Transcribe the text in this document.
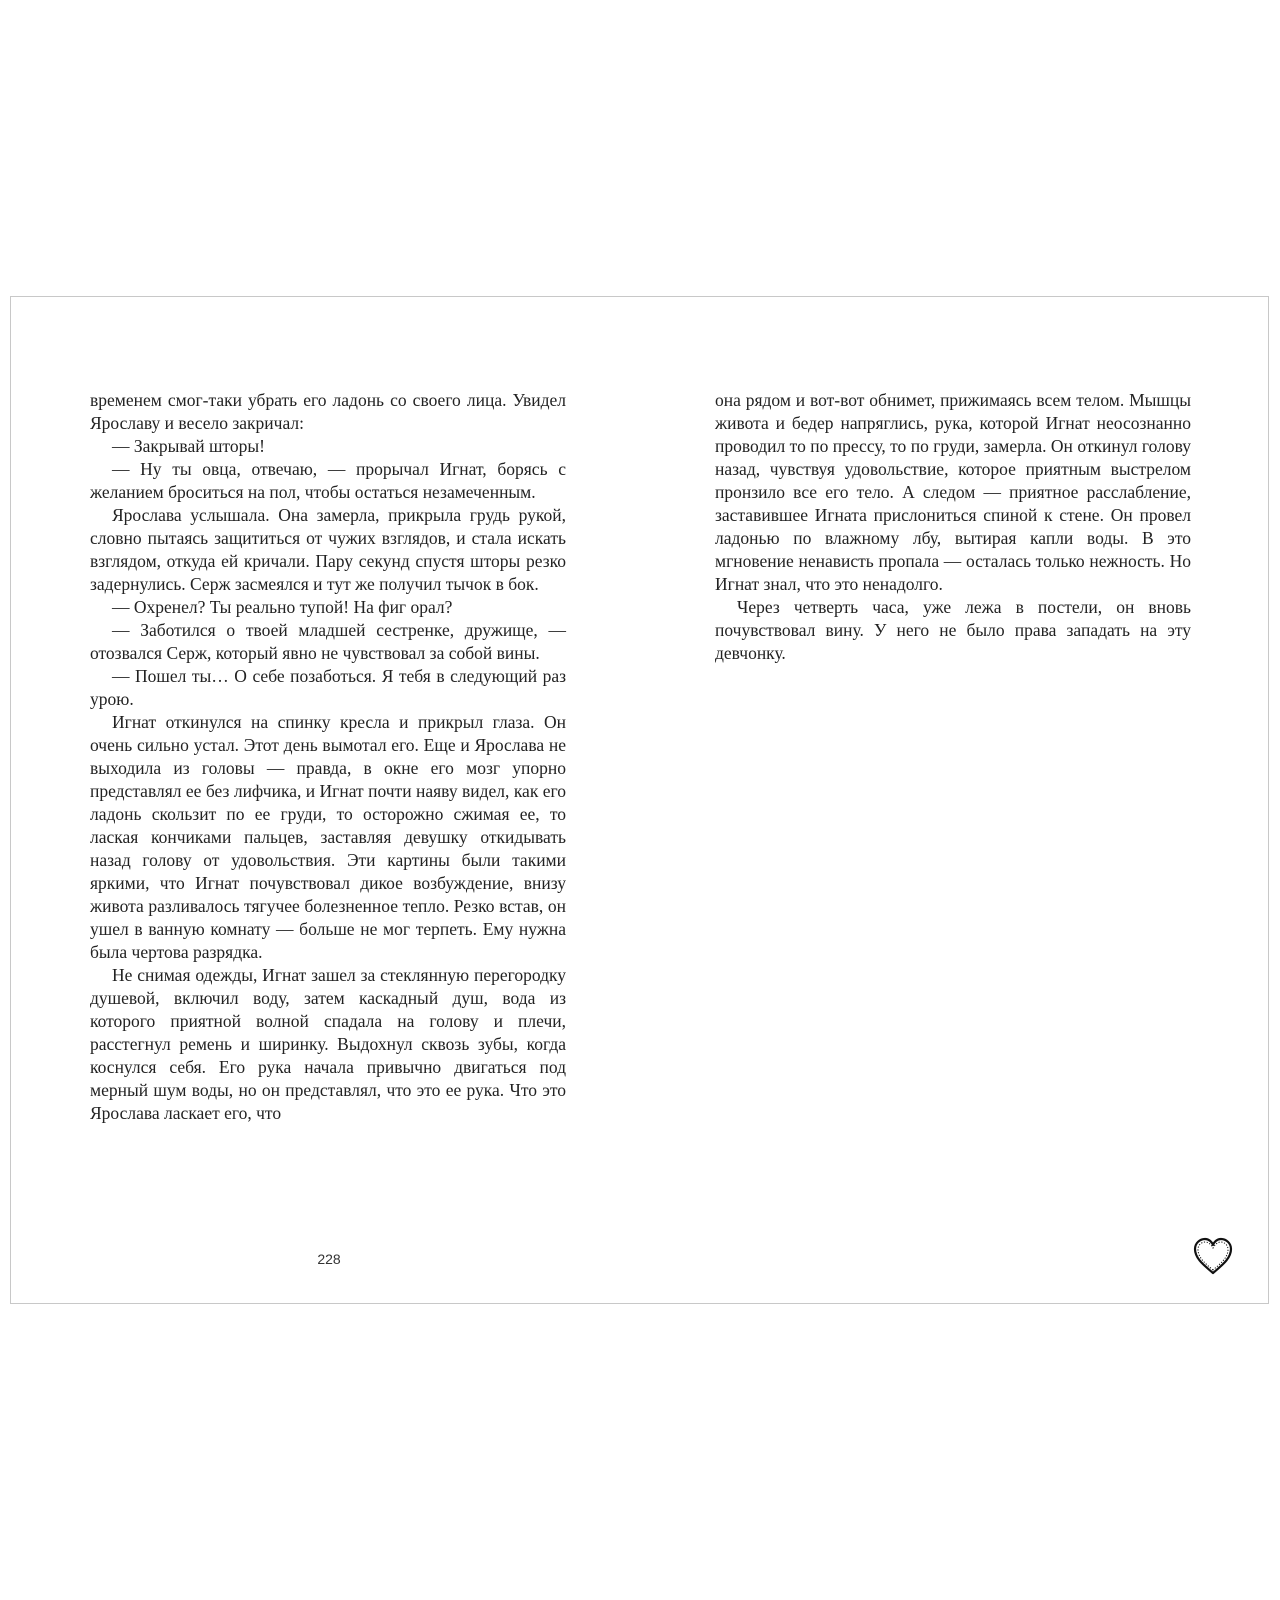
временем смог-таки убрать его ладонь со своего лица. Увидел Ярославу и весело закричал:

— Закрывай шторы!

— Ну ты овца, отвечаю, — прорычал Игнат, борясь с желанием броситься на пол, чтобы остаться незамеченным.

Ярослава услышала. Она замерла, прикрыла грудь рукой, словно пытаясь защититься от чужих взглядов, и стала искать взглядом, откуда ей кричали. Пару секунд спустя шторы резко задернулись. Серж засмеялся и тут же получил тычок в бок.

— Охренел? Ты реально тупой! На фиг орал?

— Заботился о твоей младшей сестренке, дружище, — отозвался Серж, который явно не чувствовал за собой вины.

— Пошел ты… О себе позаботься. Я тебя в следующий раз урою.

Игнат откинулся на спинку кресла и прикрыл глаза. Он очень сильно устал. Этот день вымотал его. Еще и Ярослава не выходила из головы — правда, в окне его мозг упорно представлял ее без лифчика, и Игнат почти наяву видел, как его ладонь скользит по ее груди, то осторожно сжимая ее, то лаская кончиками пальцев, заставляя девушку откидывать назад голову от удовольствия. Эти картины были такими яркими, что Игнат почувствовал дикое возбуждение, внизу живота разливалось тягучее болезненное тепло. Резко встав, он ушел в ванную комнату — больше не мог терпеть. Ему нужна была чертова разрядка.

Не снимая одежды, Игнат зашел за стеклянную перегородку душевой, включил воду, затем каскадный душ, вода из которого приятной волной спадала на голову и плечи, расстегнул ремень и ширинку. Выдохнул сквозь зубы, когда коснулся себя. Его рука начала привычно двигаться под мерный шум воды, но он представлял, что это ее рука. Что это Ярослава ласкает его, что

она рядом и вот-вот обнимет, прижимаясь всем телом. Мышцы живота и бедер напряглись, рука, которой Игнат неосознанно проводил то по прессу, то по груди, замерла. Он откинул голову назад, чувствуя удовольствие, которое приятным выстрелом пронзило все его тело. А следом — приятное расслабление, заставившее Игната прислониться спиной к стене. Он провел ладонью по влажному лбу, вытирая капли воды. В это мгновение ненависть пропала — осталась только нежность. Но Игнат знал, что это ненадолго.

Через четверть часа, уже лежа в постели, он вновь почувствовал вину. У него не было права западать на эту девчонку.

228
